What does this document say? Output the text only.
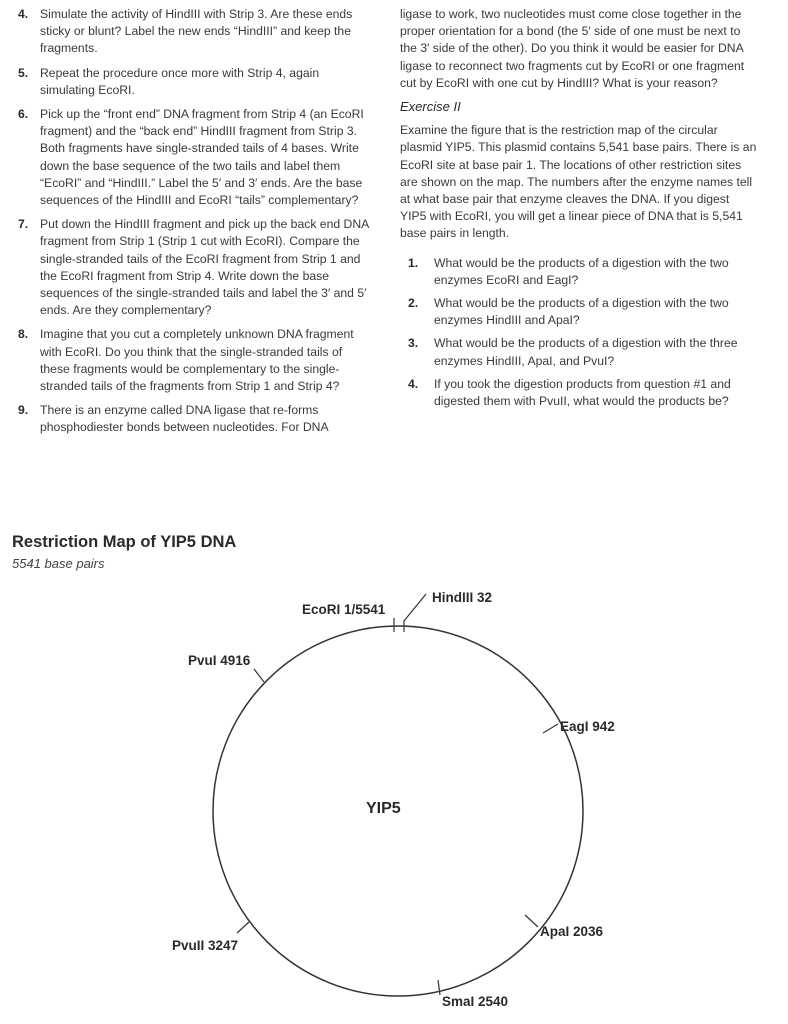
4. Simulate the activity of HindIII with Strip 3. Are these ends sticky or blunt? Label the new ends “HindIII” and keep the fragments.
5. Repeat the procedure once more with Strip 4, again simulating EcoRI.
6. Pick up the “front end” DNA fragment from Strip 4 (an EcoRI fragment) and the “back end” HindIII fragment from Strip 3. Both fragments have single-stranded tails of 4 bases. Write down the base sequence of the two tails and label them “EcoRI” and “HindIII.” Label the 5′ and 3′ ends. Are the base sequences of the HindIII and EcoRI “tails” complementary?
7. Put down the HindIII fragment and pick up the back end DNA fragment from Strip 1 (Strip 1 cut with EcoRI). Compare the single-stranded tails of the EcoRI fragment from Strip 1 and the EcoRI fragment from Strip 4. Write down the base sequences of the single-stranded tails and label the 3′ and 5′ ends. Are they complementary?
8. Imagine that you cut a completely unknown DNA fragment with EcoRI. Do you think that the single-stranded tails of these fragments would be complementary to the single-stranded tails of the fragments from Strip 1 and Strip 4?
9. There is an enzyme called DNA ligase that re-forms phosphodiester bonds between nucleotides. For DNA

ligase to work, two nucleotides must come close together in the proper orientation for a bond (the 5′ side of one must be next to the 3′ side of the other). Do you think it would be easier for DNA ligase to reconnect two fragments cut by EcoRI or one fragment cut by EcoRI with one cut by HindIII? What is your reason?

Exercise II

Examine the figure that is the restriction map of the circular plasmid YIP5. This plasmid contains 5,541 base pairs. There is an EcoRI site at base pair 1. The locations of other restriction sites are shown on the map. The numbers after the enzyme names tell at what base pair that enzyme cleaves the DNA. If you digest YIP5 with EcoRI, you will get a linear piece of DNA that is 5,541 base pairs in length.

1. What would be the products of a digestion with the two enzymes EcoRI and EagI?
2. What would be the products of a digestion with the two enzymes HindIII and ApaI?
3. What would be the products of a digestion with the three enzymes HindIII, ApaI, and PvuI?
4. If you took the digestion products from question #1 and digested them with PvuII, what would the products be?
Restriction Map of YIP5 DNA
5541 base pairs
EcoRI 1/5541
HindIII 32
EagI 942
ApaI 2036
SmaI 2540
PvuII 3247
PvuI 4916
YIP5
